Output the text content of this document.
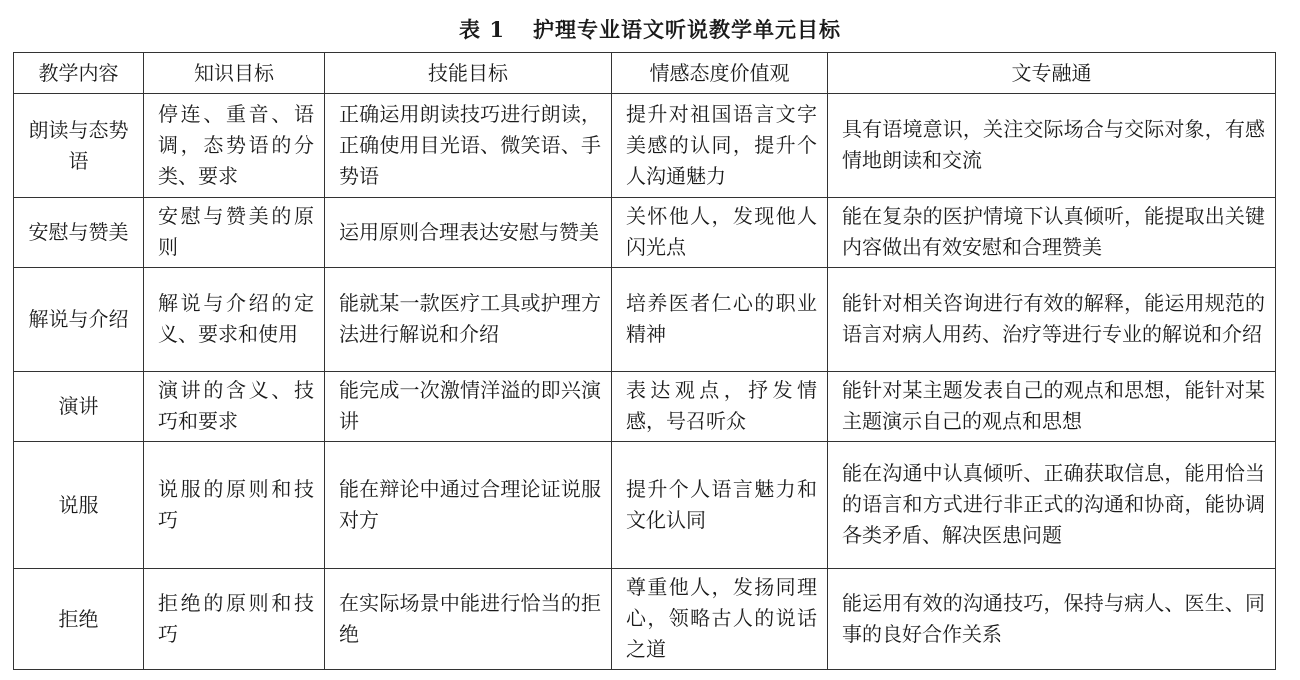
表 1 护理专业语文听说教学单元目标
教学内容	知识目标	技能目标	情感态度价值观	文专融通
朗读与态势语	停连、重音、语调，态势语的分类、要求	正确运用朗读技巧进行朗读，正确使用目光语、微笑语、手势语	提升对祖国语言文字美感的认同，提升个人沟通魅力	具有语境意识，关注交际场合与交际对象，有感情地朗读和交流
安慰与赞美	安慰与赞美的原则	运用原则合理表达安慰与赞美	关怀他人，发现他人闪光点	能在复杂的医护情境下认真倾听，能提取出关键内容做出有效安慰和合理赞美
解说与介绍	解说与介绍的定义、要求和使用	能就某一款医疗工具或护理方法进行解说和介绍	培养医者仁心的职业精神	能针对相关咨询进行有效的解释，能运用规范的语言对病人用药、治疗等进行专业的解说和介绍
演讲	演讲的含义、技巧和要求	能完成一次激情洋溢的即兴演讲	表达观点，抒发情感，号召听众	能针对某主题发表自己的观点和思想，能针对某主题演示自己的观点和思想
说服	说服的原则和技巧	能在辩论中通过合理论证说服对方	提升个人语言魅力和文化认同	能在沟通中认真倾听、正确获取信息，能用恰当的语言和方式进行非正式的沟通和协商，能协调各类矛盾、解决医患问题
拒绝	拒绝的原则和技巧	在实际场景中能进行恰当的拒绝	尊重他人，发扬同理心，领略古人的说话之道	能运用有效的沟通技巧，保持与病人、医生、同事的良好合作关系
